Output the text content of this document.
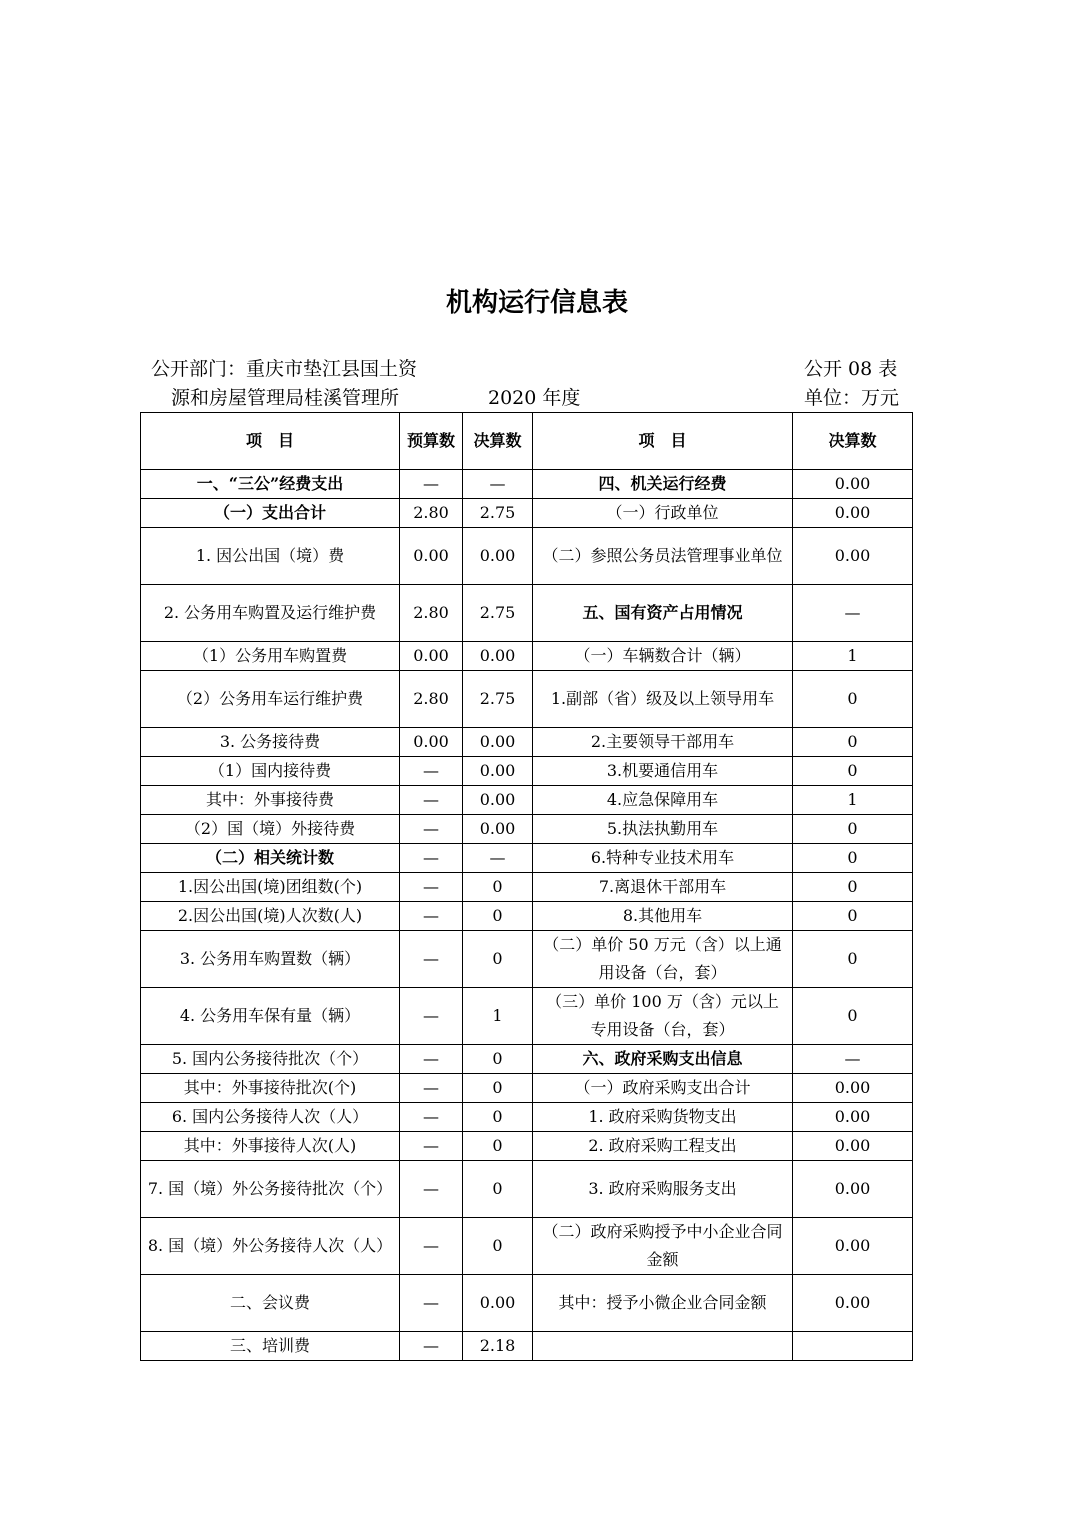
机构运行信息表
公开部门：重庆市垫江县国土资
源和房屋管理局桂溪管理所	2020 年度
公开 08 表
单位：万元
项　目	预算数	决算数	项　目	决算数
一、“三公”经费支出	—	—	四、机关运行经费	0.00
（一）支出合计	2.80	2.75	（一）行政单位	0.00
1. 因公出国（境）费	0.00	0.00	（二）参照公务员法管理事业单位	0.00
2. 公务用车购置及运行维护费	2.80	2.75	五、国有资产占用情况	—
（1）公务用车购置费	0.00	0.00	（一）车辆数合计（辆）	1
（2）公务用车运行维护费	2.80	2.75	1.副部（省）级及以上领导用车	0
3. 公务接待费	0.00	0.00	2.主要领导干部用车	0
（1）国内接待费	—	0.00	3.机要通信用车	0
其中：外事接待费	—	0.00	4.应急保障用车	1
（2）国（境）外接待费	—	0.00	5.执法执勤用车	0
（二）相关统计数	—	—	6.特种专业技术用车	0
1.因公出国(境)团组数(个)	—	0	7.离退休干部用车	0
2.因公出国(境)人次数(人)	—	0	8.其他用车	0
3. 公务用车购置数（辆）	—	0	（二）单价 50 万元（含）以上通用设备（台，套）	0
4. 公务用车保有量（辆）	—	1	（三）单价 100 万（含）元以上专用设备（台，套）	0
5. 国内公务接待批次（个）	—	0	六、政府采购支出信息	—
其中：外事接待批次(个)	—	0	（一）政府采购支出合计	0.00
6. 国内公务接待人次（人）	—	0	1. 政府采购货物支出	0.00
其中：外事接待人次(人)	—	0	2. 政府采购工程支出	0.00
7. 国（境）外公务接待批次（个）	—	0	3. 政府采购服务支出	0.00
8. 国（境）外公务接待人次（人）	—	0	（二）政府采购授予中小企业合同金额	0.00
二、会议费	—	0.00	其中：授予小微企业合同金额	0.00
三、培训费	—	2.18		
